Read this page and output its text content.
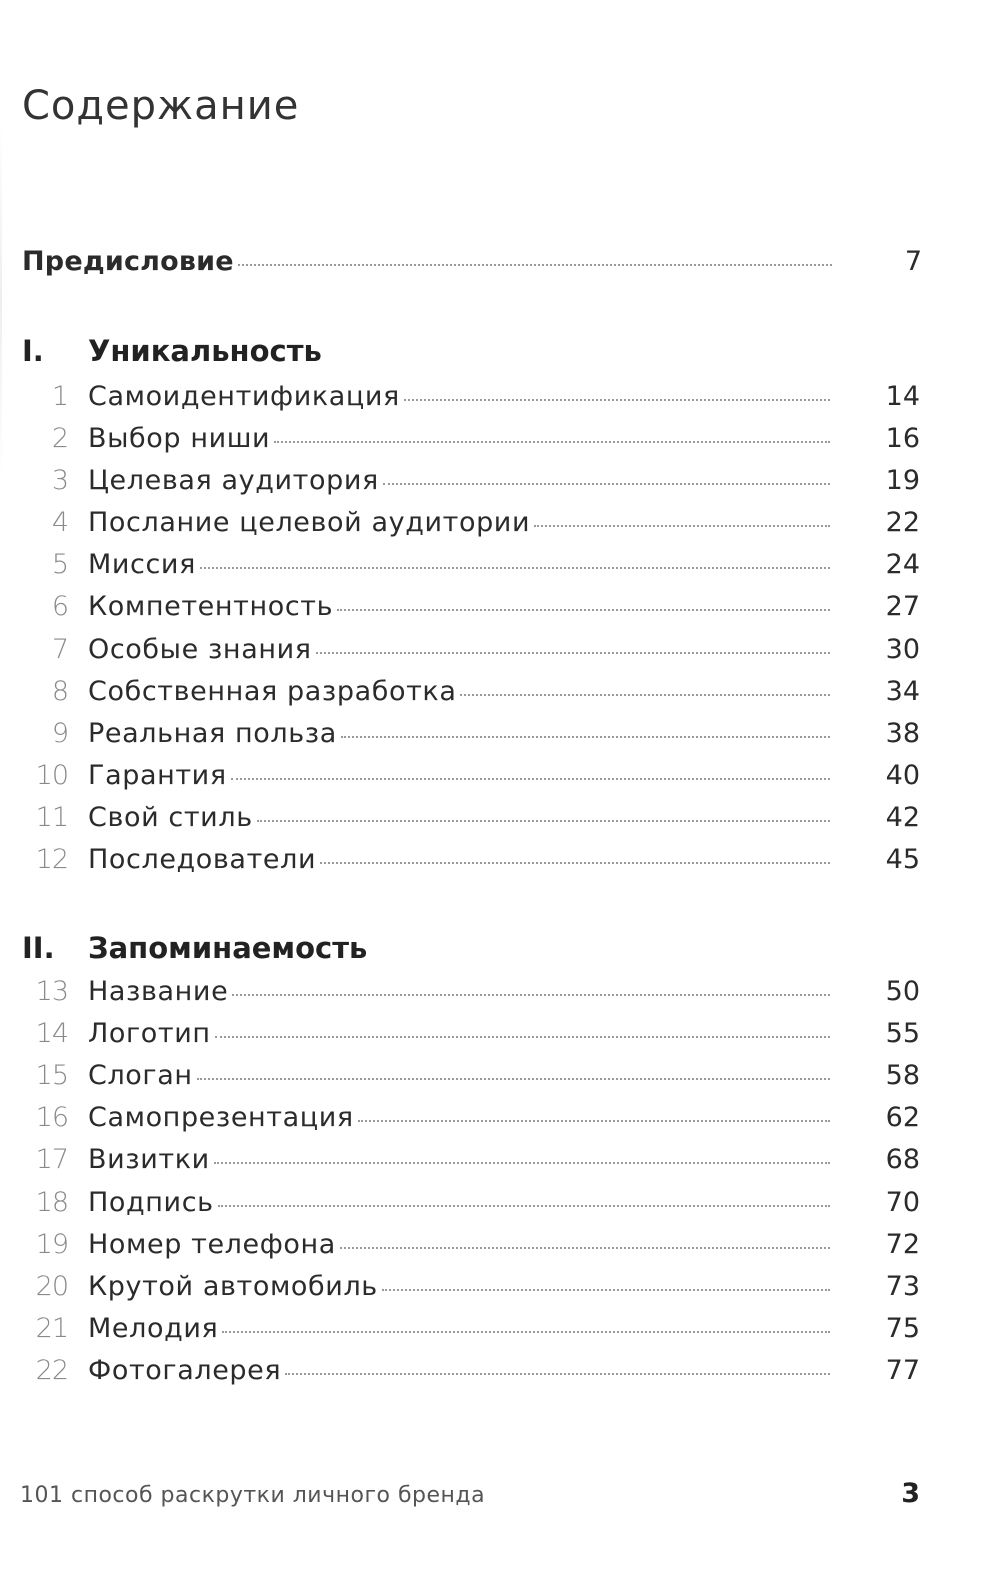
Содержание
Предисловие	7
I.	Уникальность
1 Самоидентификация	14
2 Выбор ниши	16
3 Целевая аудитория	19
4 Послание целевой аудитории	22
5 Миссия	24
6 Компетентность	27
7 Особые знания	30
8 Собственная разработка	34
9 Реальная польза	38
10 Гарантия	40
11 Свой стиль	42
12 Последователи	45
II.	Запоминаемость
13 Название	50
14 Логотип	55
15 Слоган	58
16 Самопрезентация	62
17 Визитки	68
18 Подпись	70
19 Номер телефона	72
20 Крутой автомобиль	73
21 Мелодия	75
22 Фотогалерея	77
101 способ раскрутки личного бренда	3
